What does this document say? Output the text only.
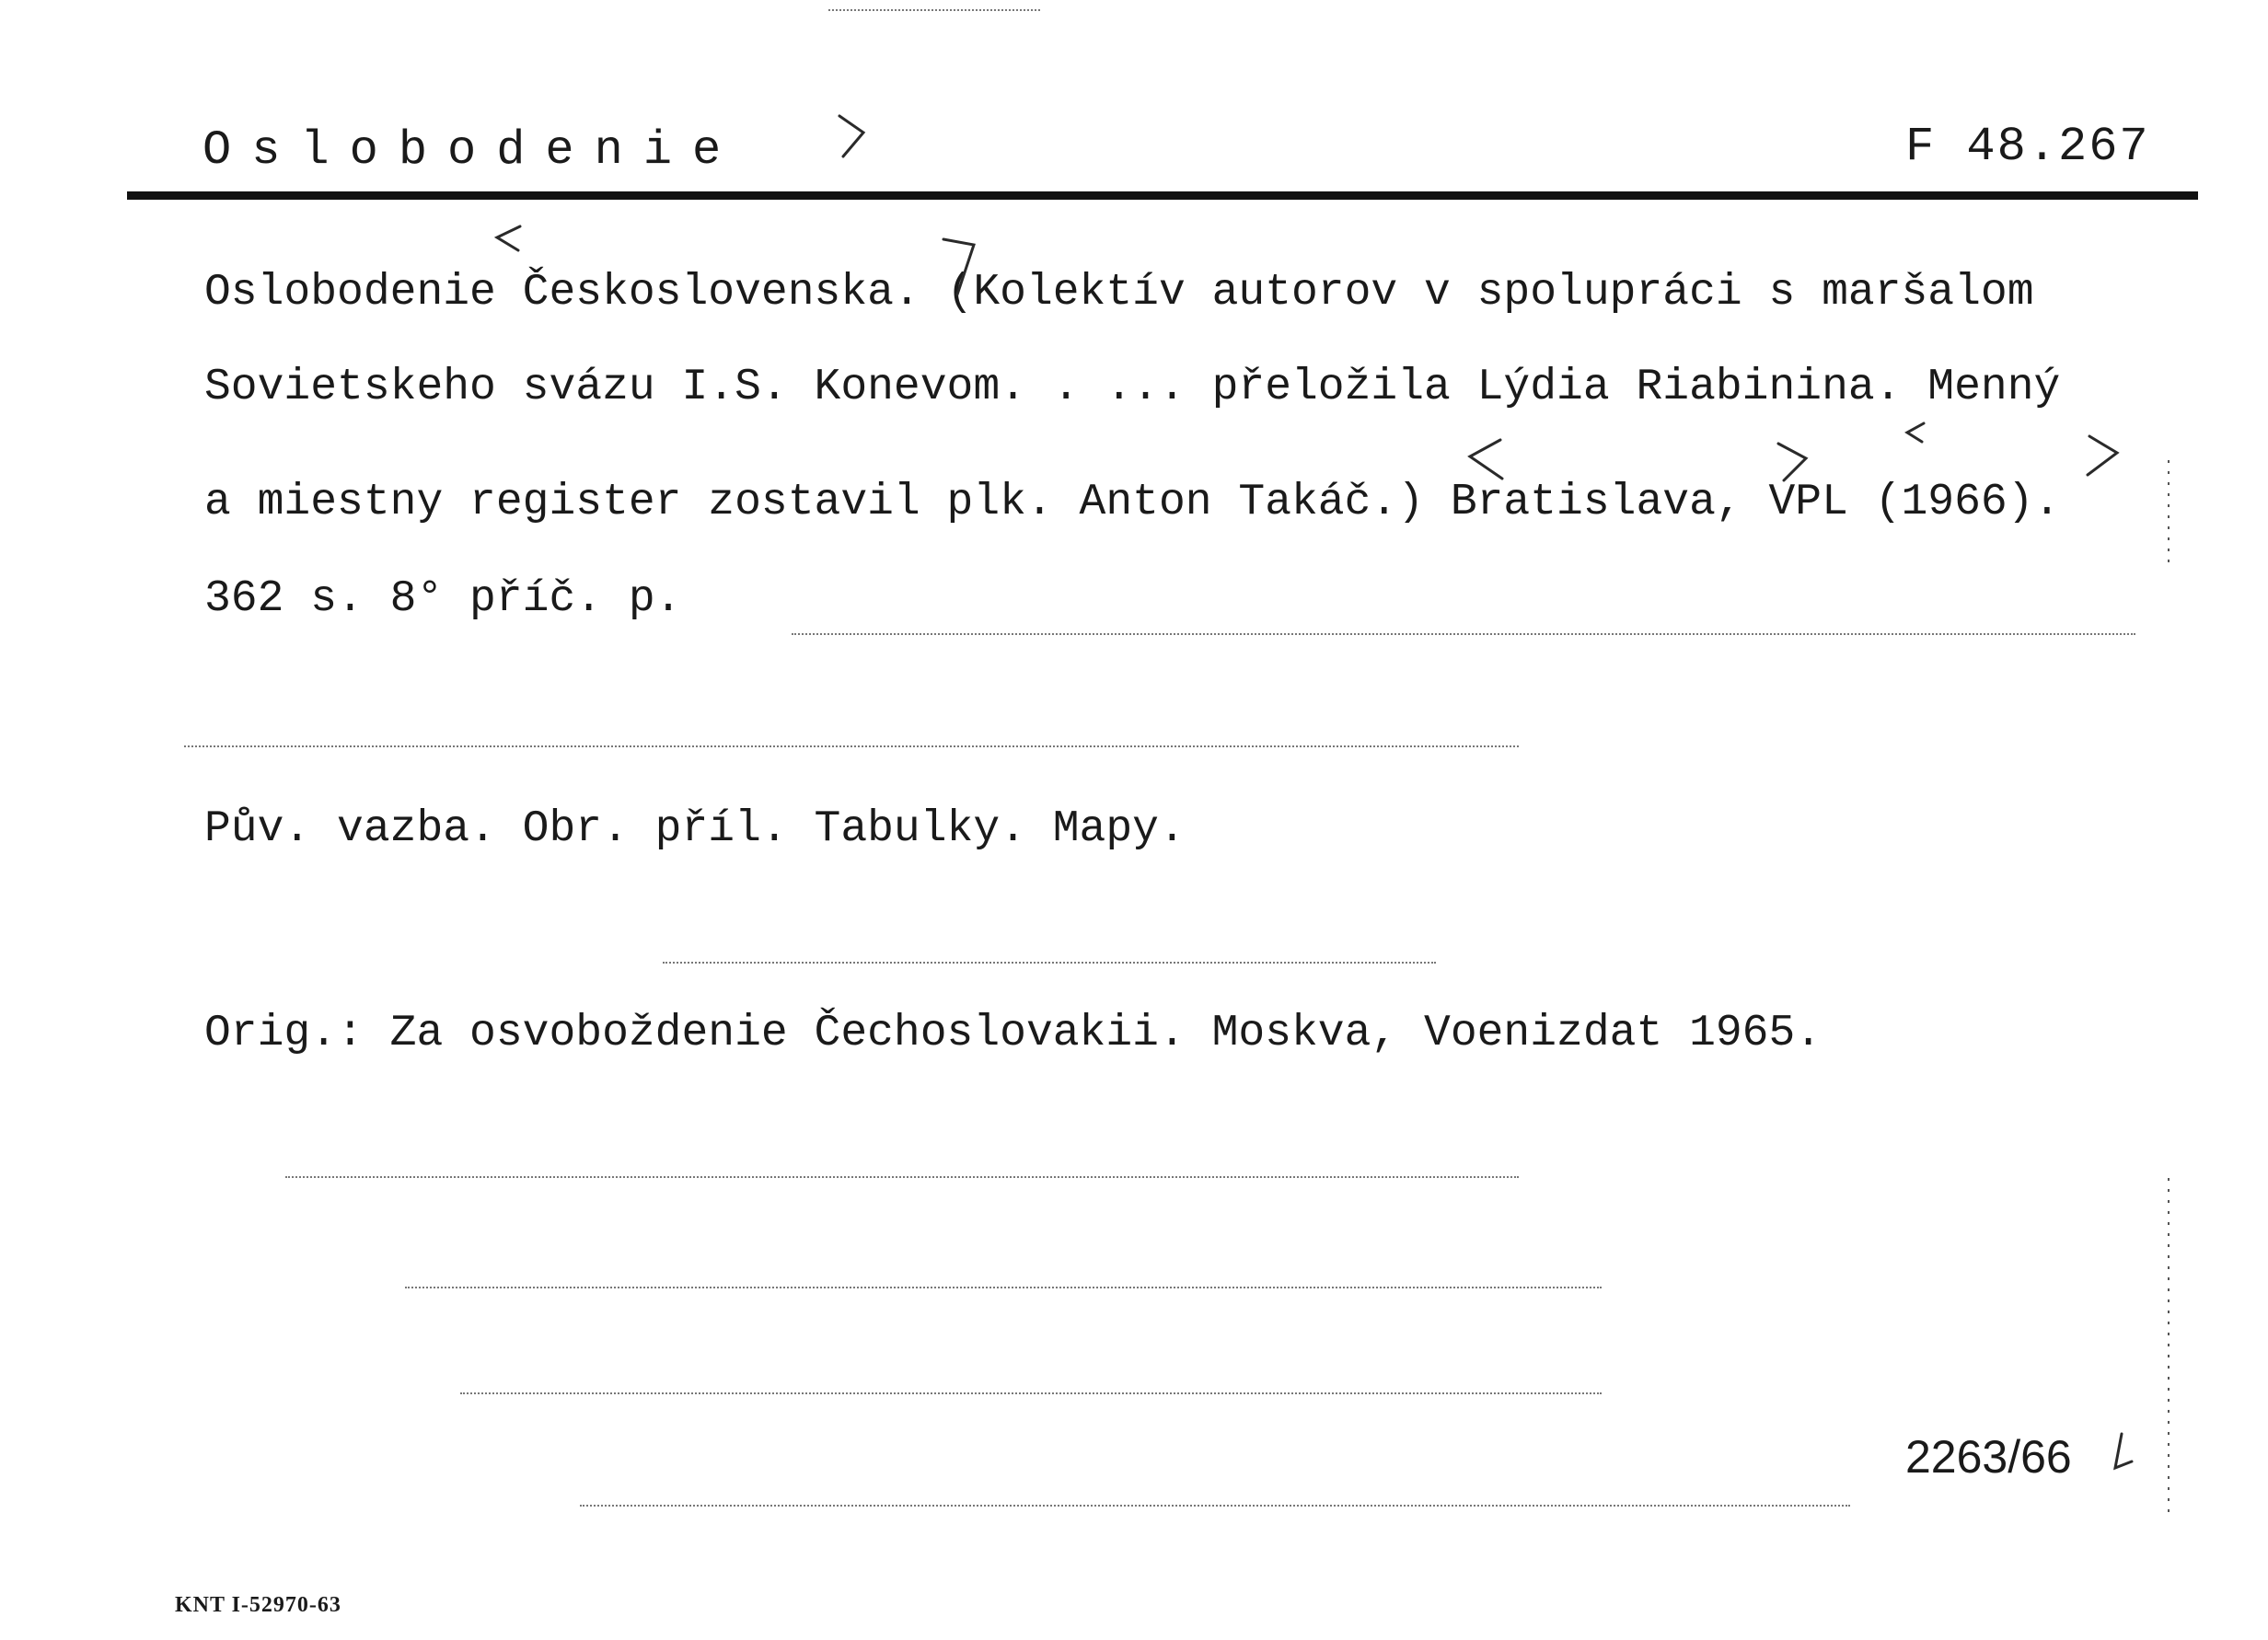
Oslobodenie	F 48.267
Oslobodenie Československa. (Kolektív autorov v spolupráci s maršalom
Sovietskeho svázu I.S. Konevom. . ... přeložila Lýdia Riabinina. Menný
a miestny register zostavil plk. Anton Takáč.) Bratislava, VPL (1966).
362 s. 8° příč. p.
Pův. vazba. Obr. příl. Tabulky. Mapy.
Orig.: Za osvoboždenie Čechoslovakii. Moskva, Voenizdat 1965.
2263/66
KNT I-52970-63
